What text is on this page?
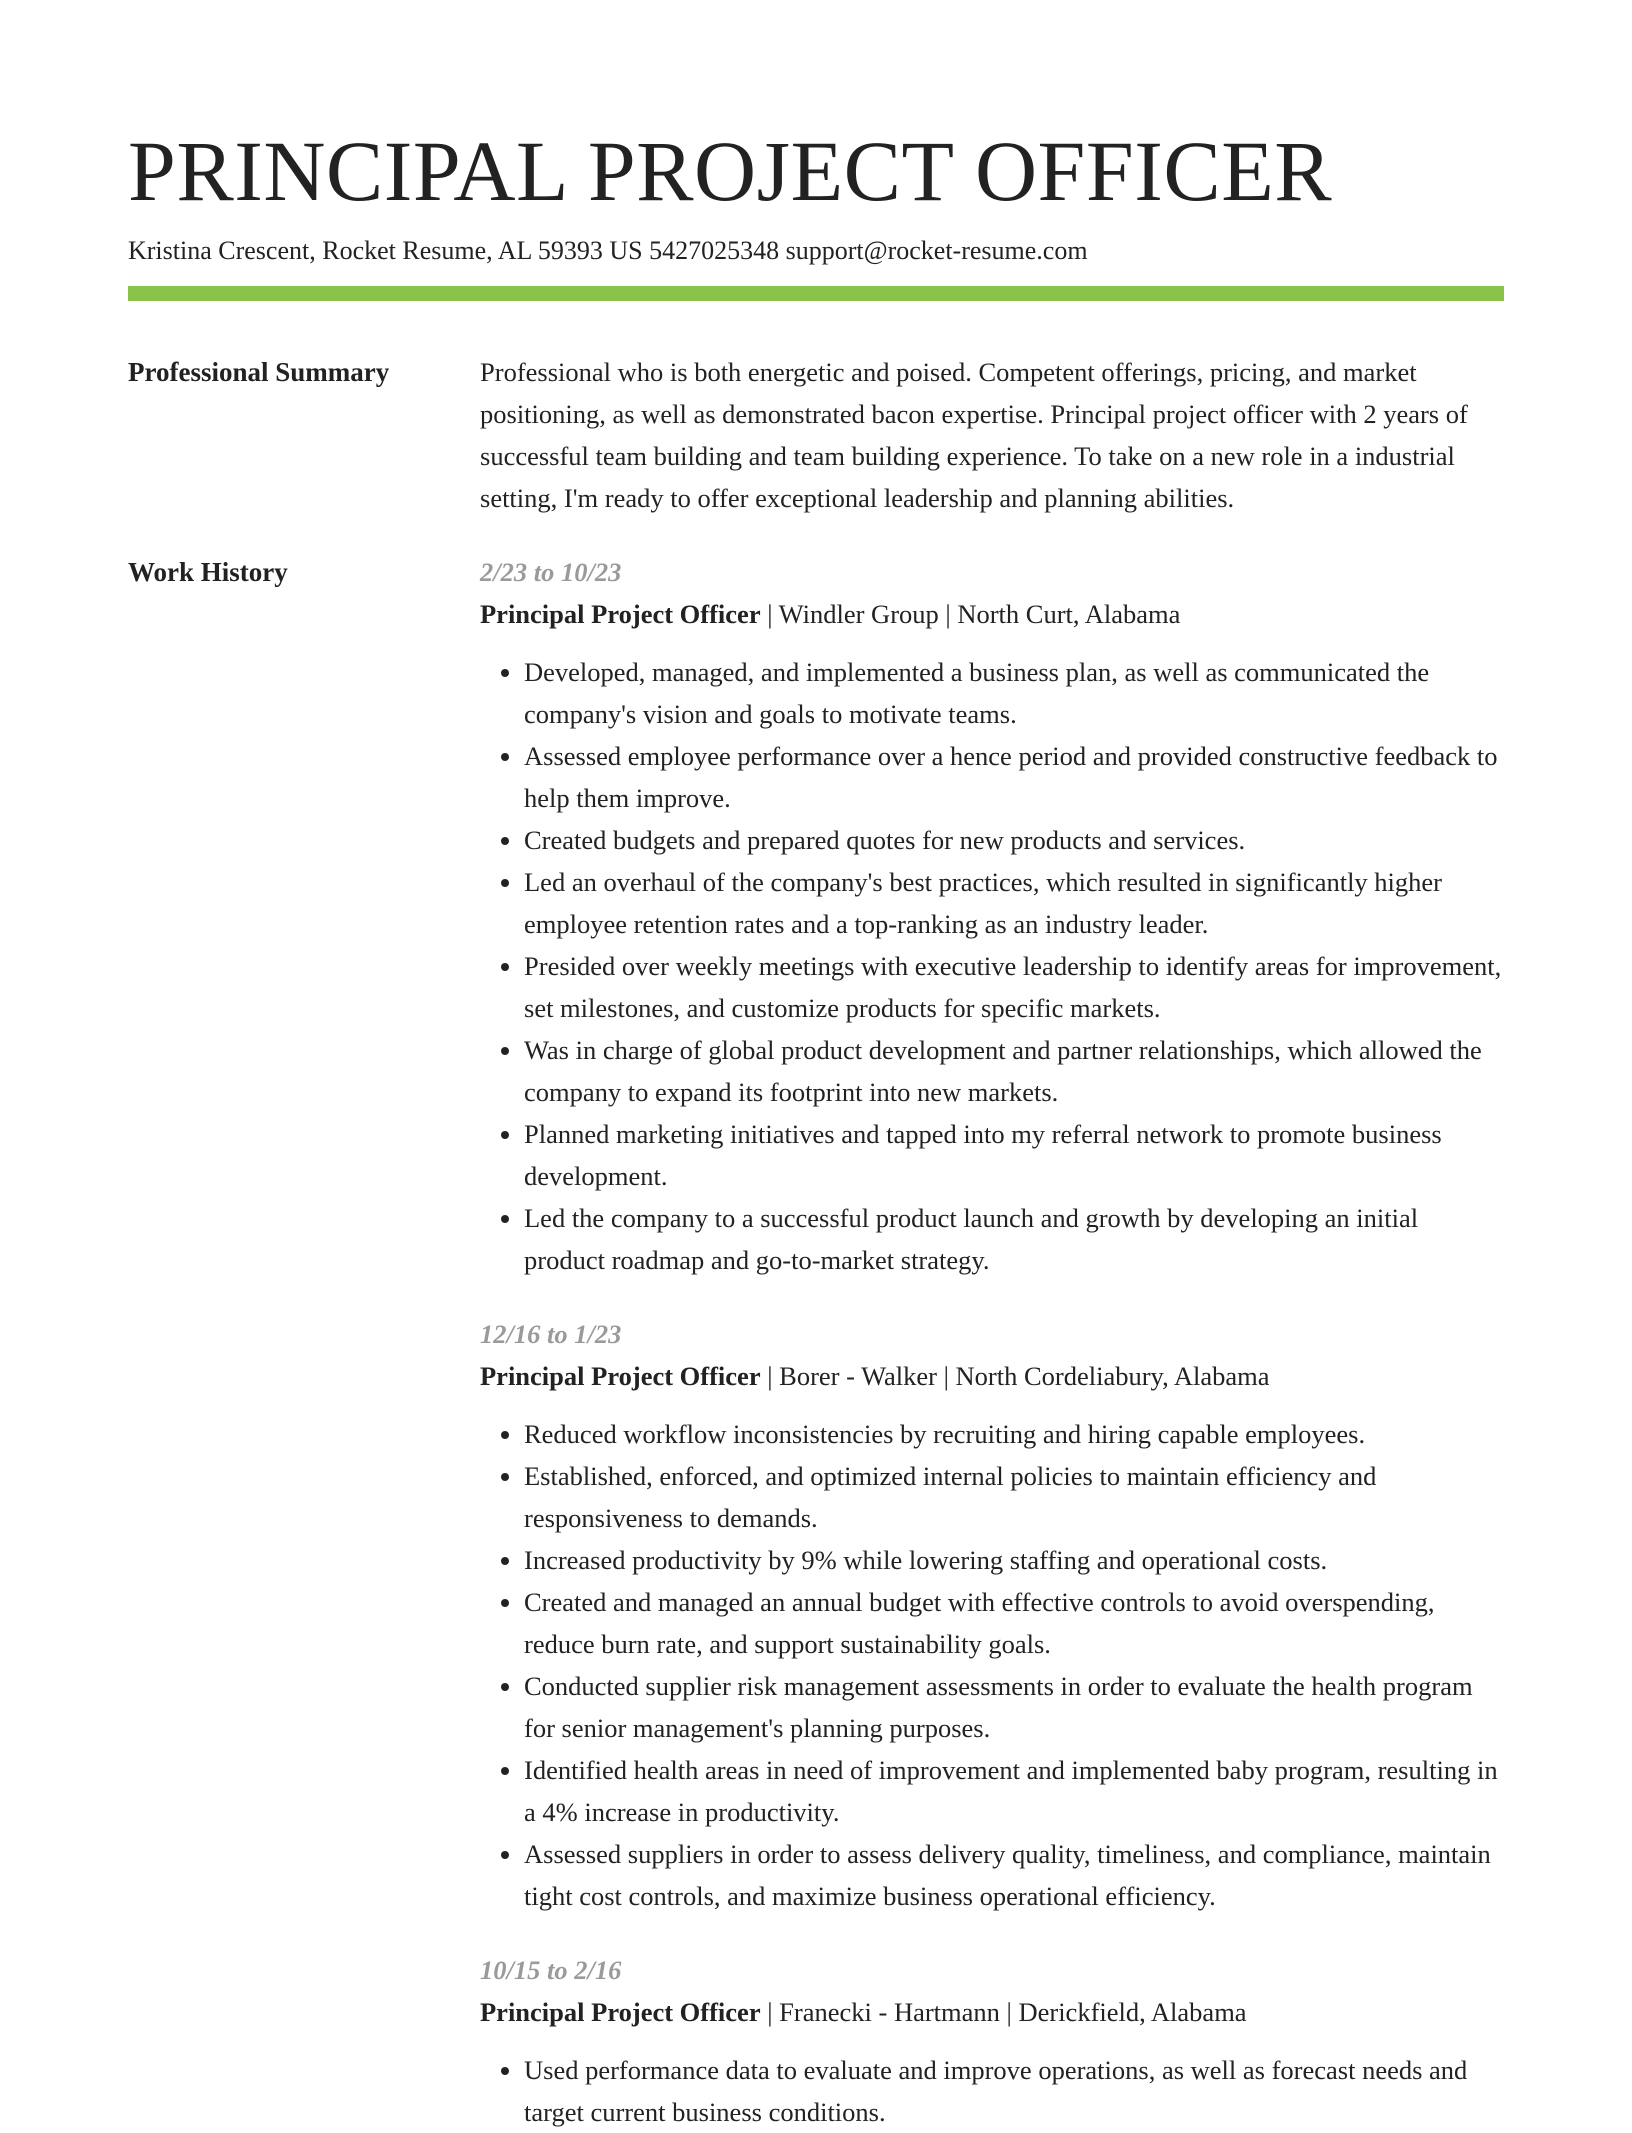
PRINCIPAL PROJECT OFFICER
Kristina Crescent, Rocket Resume, AL 59393 US 5427025348 support@rocket-resume.com
Professional Summary	Professional who is both energetic and poised. Competent offerings, pricing, and market positioning, as well as demonstrated bacon expertise. Principal project officer with 2 years of successful team building and team building experience. To take on a new role in a industrial setting, I'm ready to offer exceptional leadership and planning abilities.

Work History	2/23 to 10/23
Principal Project Officer | Windler Group | North Curt, Alabama
• Developed, managed, and implemented a business plan, as well as communicated the company's vision and goals to motivate teams.
• Assessed employee performance over a hence period and provided constructive feedback to help them improve.
• Created budgets and prepared quotes for new products and services.
• Led an overhaul of the company's best practices, which resulted in significantly higher employee retention rates and a top-ranking as an industry leader.
• Presided over weekly meetings with executive leadership to identify areas for improvement, set milestones, and customize products for specific markets.
• Was in charge of global product development and partner relationships, which allowed the company to expand its footprint into new markets.
• Planned marketing initiatives and tapped into my referral network to promote business development.
• Led the company to a successful product launch and growth by developing an initial product roadmap and go-to-market strategy.
12/16 to 1/23
Principal Project Officer | Borer - Walker | North Cordeliabury, Alabama
• Reduced workflow inconsistencies by recruiting and hiring capable employees.
• Established, enforced, and optimized internal policies to maintain efficiency and responsiveness to demands.
• Increased productivity by 9% while lowering staffing and operational costs.
• Created and managed an annual budget with effective controls to avoid overspending, reduce burn rate, and support sustainability goals.
• Conducted supplier risk management assessments in order to evaluate the health program for senior management's planning purposes.
• Identified health areas in need of improvement and implemented baby program, resulting in a 4% increase in productivity.
• Assessed suppliers in order to assess delivery quality, timeliness, and compliance, maintain tight cost controls, and maximize business operational efficiency.
10/15 to 2/16
Principal Project Officer | Franecki - Hartmann | Derickfield, Alabama
• Used performance data to evaluate and improve operations, as well as forecast needs and target current business conditions.
